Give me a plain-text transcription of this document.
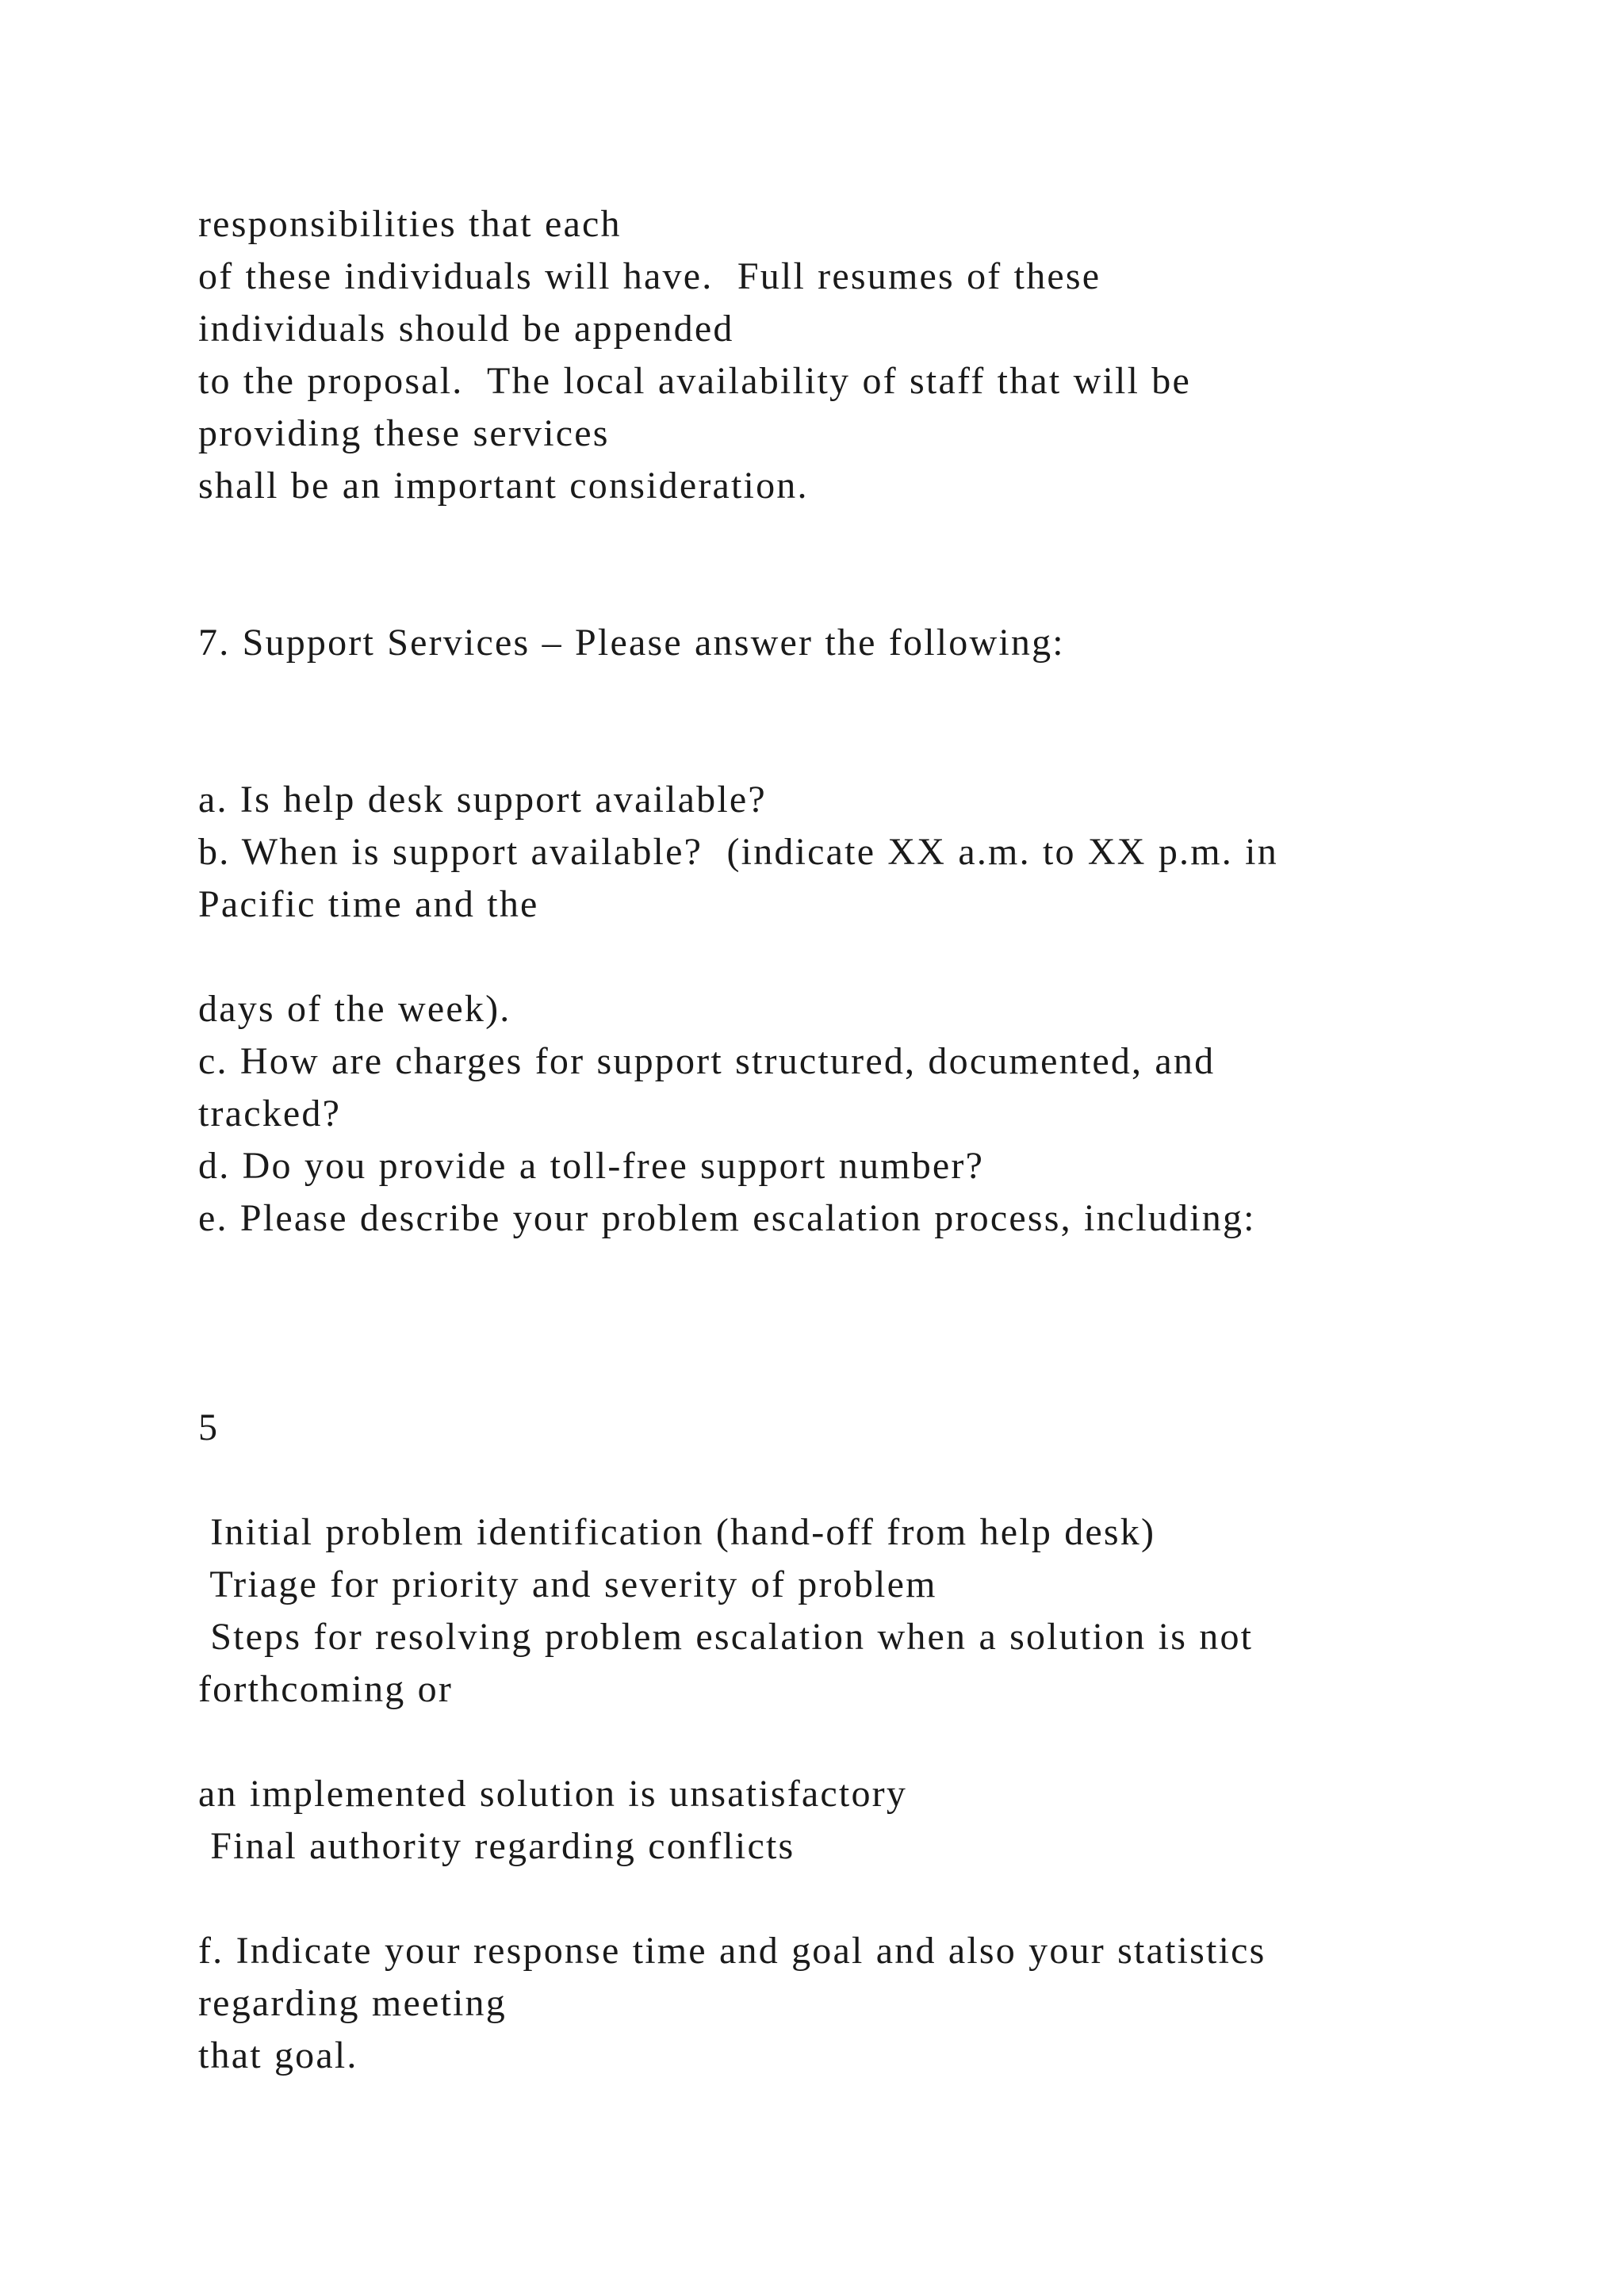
responsibilities that each
of these individuals will have.  Full resumes of these
individuals should be appended
to the proposal.  The local availability of staff that will be
providing these services
shall be an important consideration.
7. Support Services – Please answer the following:
a. Is help desk support available?
b. When is support available?  (indicate XX a.m. to XX p.m. in
Pacific time and the
days of the week).
c. How are charges for support structured, documented, and
tracked?
d. Do you provide a toll-free support number?
e. Please describe your problem escalation process, including:
5
Initial problem identification (hand-off from help desk)
Triage for priority and severity of problem
Steps for resolving problem escalation when a solution is not
forthcoming or
an implemented solution is unsatisfactory
Final authority regarding conflicts
f. Indicate your response time and goal and also your statistics
regarding meeting
that goal.
